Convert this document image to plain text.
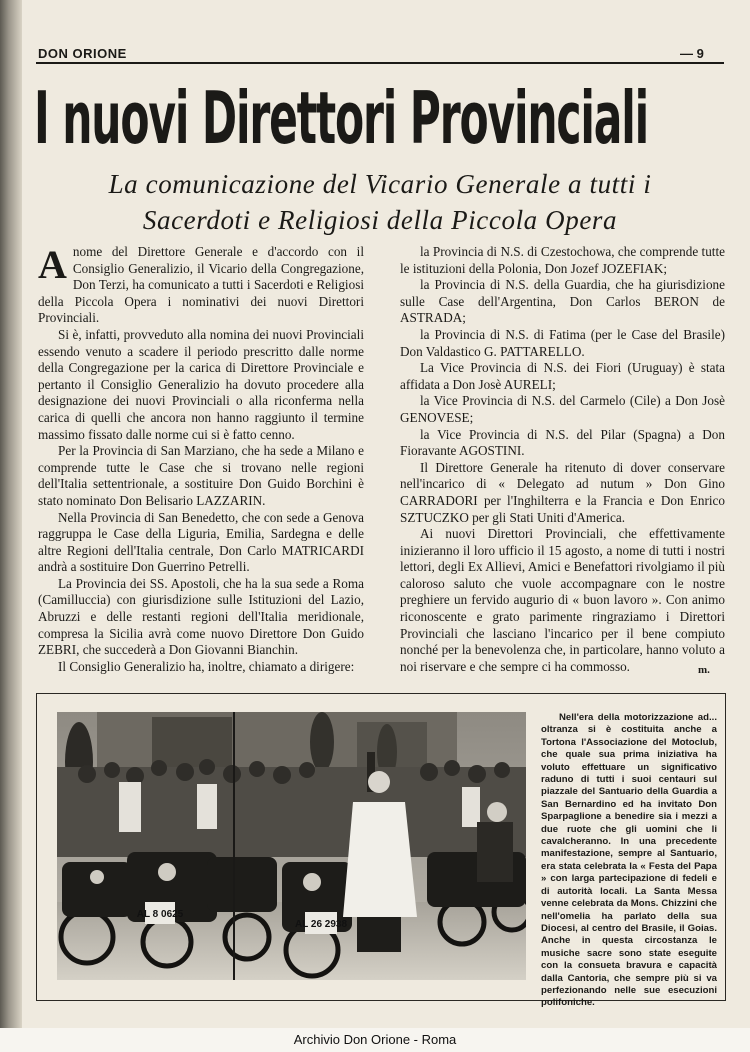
DON ORIONE	— 9
I nuovi Direttori Provinciali
La comunicazione del Vicario Generale a tutti i Sacerdoti e Religiosi della Piccola Opera

Anome del Direttore Generale e d'accordo con il Consiglio Generalizio, il Vicario della Congregazione, Don Terzi, ha comunicato a tutti i Sacerdoti e Religiosi della Piccola Opera i nominativi dei nuovi Direttori Provinciali.

Si è, infatti, provveduto alla nomina dei nuovi Provinciali essendo venuto a scadere il periodo prescritto dalle norme della Congregazione per la carica di Direttore Provinciale e pertanto il Consiglio Generalizio ha dovuto procedere alla designazione dei nuovi Provinciali o alla riconferma nella carica di quelli che ancora non hanno raggiunto il termine massimo fissato dalle norme cui si è fatto cenno.

Per la Provincia di San Marziano, che ha sede a Milano e comprende tutte le Case che si trovano nelle regioni dell'Italia settentrionale, a sostituire Don Guido Borchini è stato nominato Don Belisario LAZZARIN.

Nella Provincia di San Benedetto, che con sede a Genova raggruppa le Case della Liguria, Emilia, Sardegna e delle altre Regioni dell'Italia centrale, Don Carlo MATRICARDI andrà a sostituire Don Guerrino Petrelli.

La Provincia dei SS. Apostoli, che ha la sua sede a Roma (Camilluccia) con giurisdizione sulle Istituzioni del Lazio, Abruzzi e delle restanti regioni dell'Italia meridionale, compresa la Sicilia avrà come nuovo Direttore Don Guido ZEBRI, che succederà a Don Giovanni Bianchin.

Il Consiglio Generalizio ha, inoltre, chiamato a dirigere:

la Provincia di N.S. di Czestochowa, che comprende tutte le istituzioni della Polonia, Don Jozef JOZEFIAK;

la Provincia di N.S. della Guardia, che ha giurisdizione sulle Case dell'Argentina, Don Carlos BERON de ASTRADA;

la Provincia di N.S. di Fatima (per le Case del Brasile) Don Valdastico G. PATTARELLO.

La Vice Provincia di N.S. dei Fiori (Uruguay) è stata affidata a Don Josè AURELI;

la Vice Provincia di N.S. del Carmelo (Cile) a Don Josè GENOVESE;

la Vice Provincia di N.S. del Pilar (Spagna) a Don Fioravante AGOSTINI.

Il Direttore Generale ha ritenuto di dover conservare nell'incarico di « Delegato ad nutum » Don Gino CARRADORI per l'Inghilterra e la Francia e Don Enrico SZTUCZKO per gli Stati Uniti d'America.

Ai nuovi Direttori Provinciali, che effettivamente inizieranno il loro ufficio il 15 agosto, a nome di tutti i nostri lettori, degli Ex Allievi, Amici e Benefattori rivolgiamo il più caloroso saluto che vuole accompagnare con le nostre preghiere un fervido augurio di « buon lavoro ». Con animo riconoscente e grato parimente ringraziamo i Direttori Provinciali che lasciano l'incarico per il bene compiuto nonché per la benevolenza che, in particolare, hanno voluto a noi riservare e che sempre ci ha commosso.	m.
AL 8 0625
AL 26 2938

Nell'era della motorizzazione ad... oltranza si è costituita anche a Tortona l'Associazione del Motoclub, che quale sua prima iniziativa ha voluto effettuare un significativo raduno di tutti i suoi centauri sul piazzale del Santuario della Guardia a San Bernardino ed ha invitato Don Sparpaglione a benedire sia i mezzi a due ruote che gli uomini che li cavalcheranno. In una precedente manifestazione, sempre al Santuario, era stata celebrata la « Festa del Papa » con larga partecipazione di fedeli e di autorità locali. La Santa Messa venne celebrata da Mons. Chizzini che nell'omelia ha parlato della sua Diocesi, al centro del Brasile, il Goias. Anche in questa circostanza le musiche sacre sono state eseguite con la consueta bravura e capacità dalla Cantoria, che sempre più si va perfezionando nelle sue esecuzioni polifoniche.

Archivio Don Orione - Roma
